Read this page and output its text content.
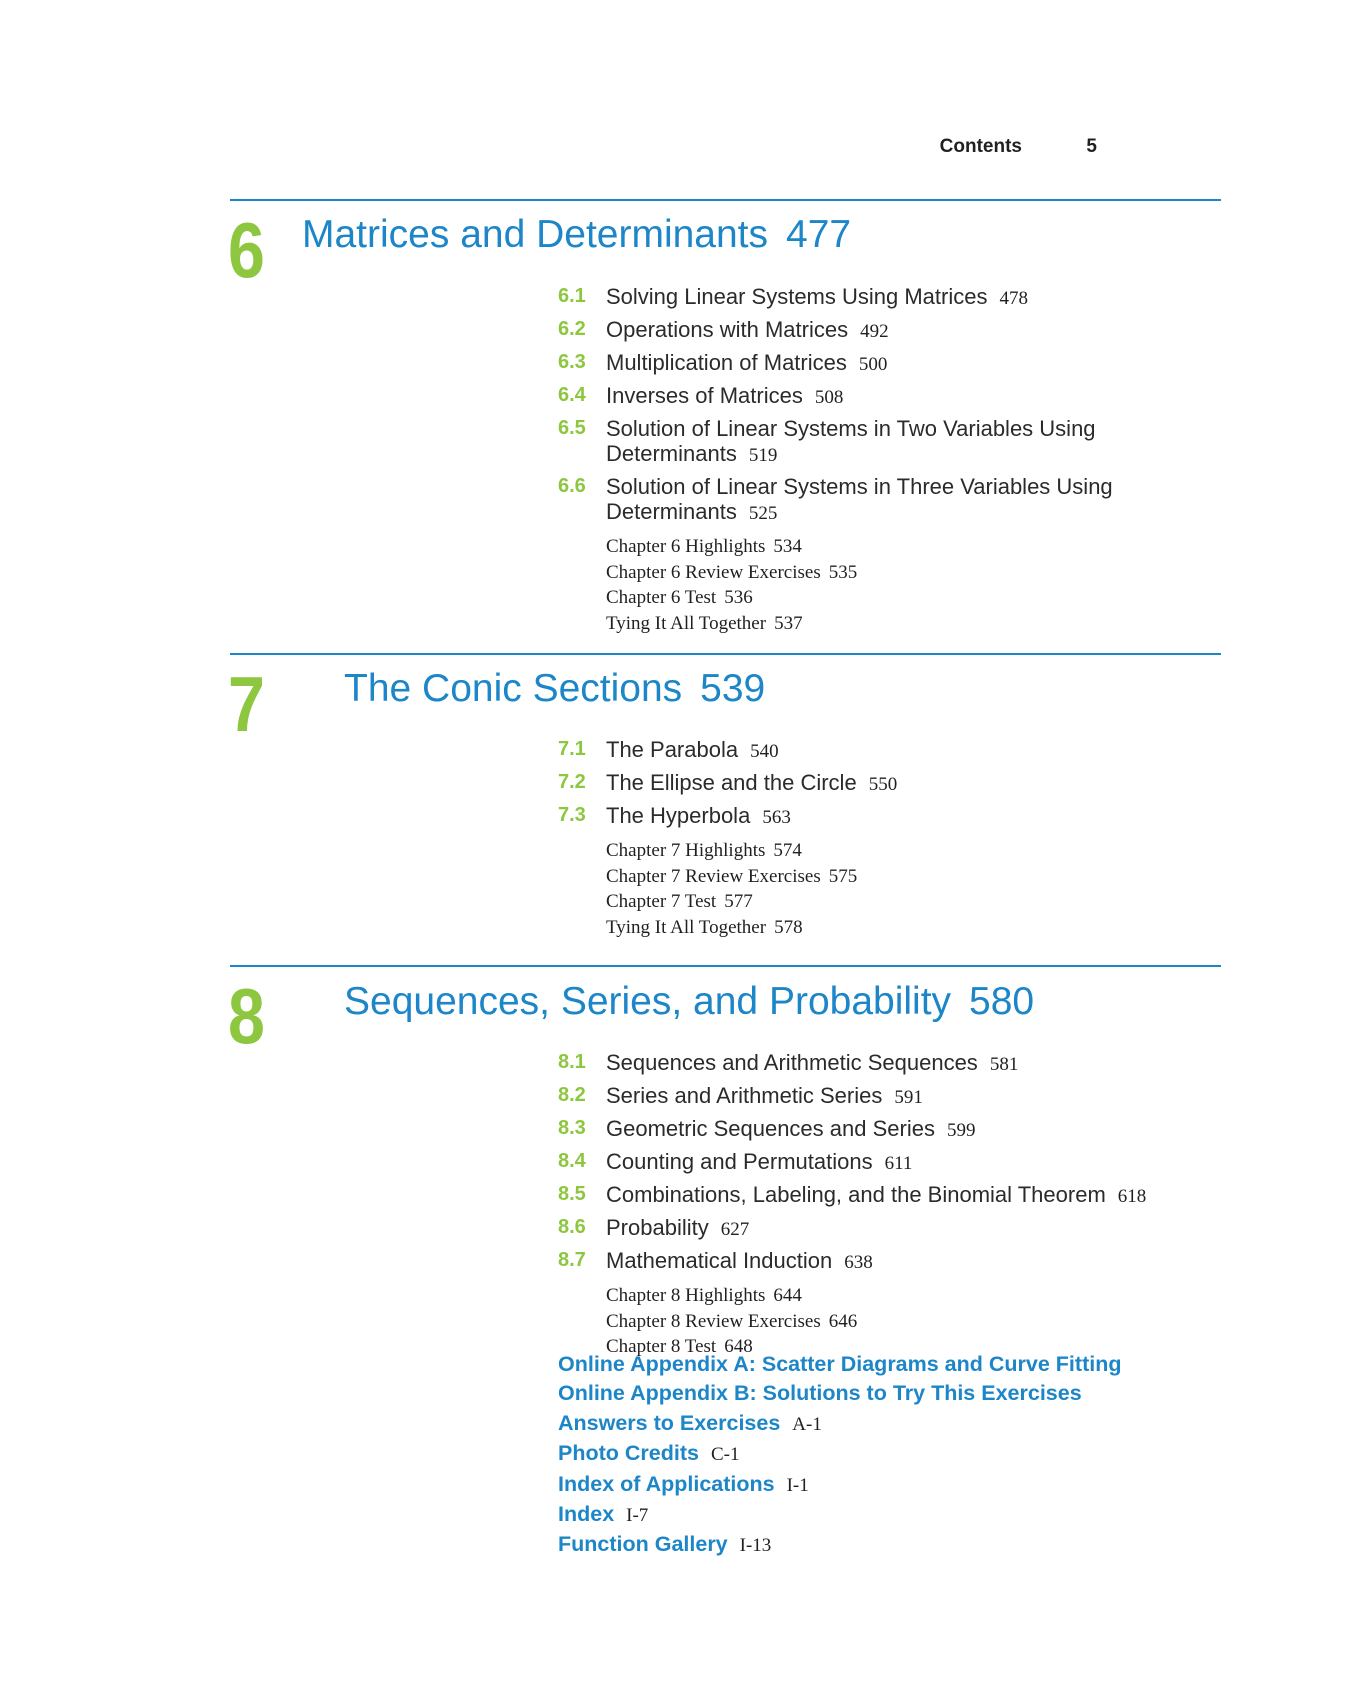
Contents	5
6 Matrices and Determinants 477
6.1 Solving Linear Systems Using Matrices 478
6.2 Operations with Matrices 492
6.3 Multiplication of Matrices 500
6.4 Inverses of Matrices 508
6.5 Solution of Linear Systems in Two Variables Using Determinants 519
6.6 Solution of Linear Systems in Three Variables Using Determinants 525
Chapter 6 Highlights 534
Chapter 6 Review Exercises 535
Chapter 6 Test 536
Tying It All Together 537
7 The Conic Sections 539
7.1 The Parabola 540
7.2 The Ellipse and the Circle 550
7.3 The Hyperbola 563
Chapter 7 Highlights 574
Chapter 7 Review Exercises 575
Chapter 7 Test 577
Tying It All Together 578
8 Sequences, Series, and Probability 580
8.1 Sequences and Arithmetic Sequences 581
8.2 Series and Arithmetic Series 591
8.3 Geometric Sequences and Series 599
8.4 Counting and Permutations 611
8.5 Combinations, Labeling, and the Binomial Theorem 618
8.6 Probability 627
8.7 Mathematical Induction 638
Chapter 8 Highlights 644
Chapter 8 Review Exercises 646
Chapter 8 Test 648
Online Appendix A: Scatter Diagrams and Curve Fitting
Online Appendix B: Solutions to Try This Exercises
Answers to Exercises A-1
Photo Credits C-1
Index of Applications I-1
Index I-7
Function Gallery I-13
